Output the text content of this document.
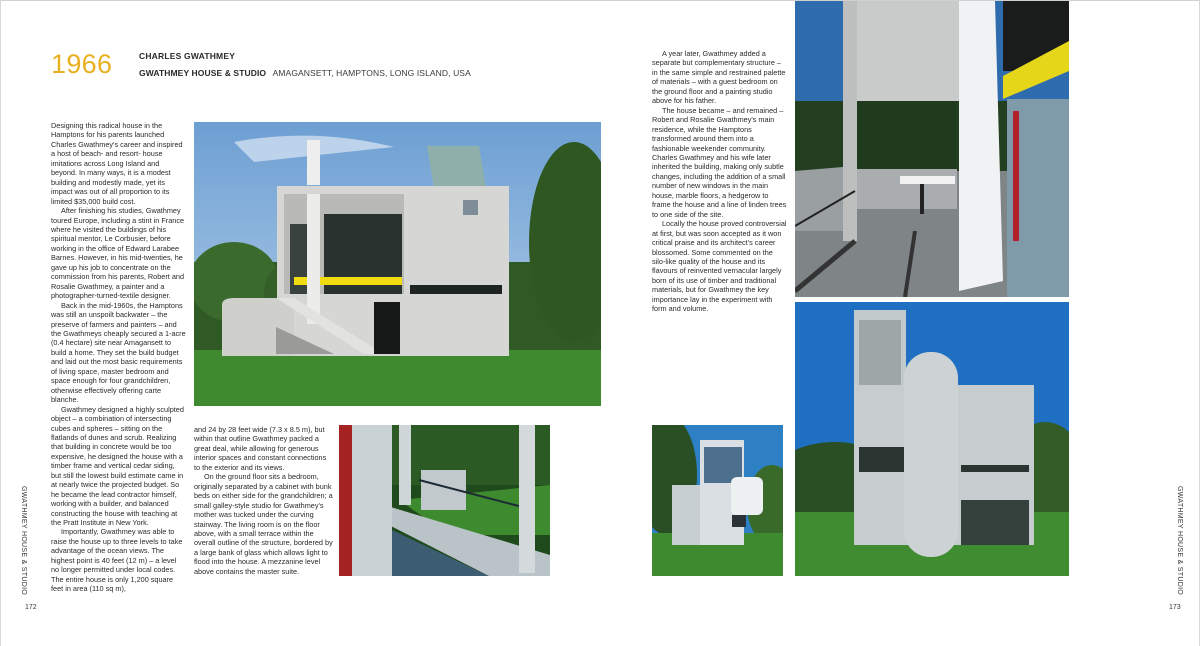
1966	CHARLES GWATHMEY
GWATHMEY HOUSE & STUDIO AMAGANSETT, HAMPTONS, LONG ISLAND, USA

Designing this radical house in the Hamptons for his parents launched Charles Gwathmey's career and inspired a host of beach- and resort- house imitations across Long Island and beyond. In many ways, it is a modest building and modestly made, yet its impact was out of all proportion to its limited $35,000 build cost.

After finishing his studies, Gwathmey toured Europe, including a stint in France where he visited the buildings of his spiritual mentor, Le Corbusier, before working in the office of Edward Larabee Barnes. However, in his mid-twenties, he gave up his job to concentrate on the commission from his parents, Robert and Rosalie Gwathmey, a painter and a photographer-turned-textile designer.

Back in the mid-1960s, the Hamptons was still an unspoilt backwater – the preserve of farmers and painters – and the Gwathmeys cheaply secured a 1-acre (0.4 hectare) site near Amagansett to build a home. They set the build budget and laid out the most basic requirements of living space, master bedroom and space enough for four grandchildren, otherwise effectively offering carte blanche.

Gwathmey designed a highly sculpted object – a combination of intersecting cubes and spheres – sitting on the flatlands of dunes and scrub. Realizing that building in concrete would be too expensive, he designed the house with a timber frame and vertical cedar siding, but still the lowest build estimate came in at nearly twice the projected budget. So he became the lead contractor himself, working with a builder, and balanced constructing the house with teaching at the Pratt Institute in New York.

Importantly, Gwathmey was able to raise the house up to three levels to take advantage of the ocean views. The highest point is 40 feet (12 m) – a level no longer permitted under local codes. The entire house is only 1,200 square feet in area (110 sq m),

and 24 by 28 feet wide (7.3 x 8.5 m), but within that outline Gwathmey packed a great deal, while allowing for generous interior spaces and constant connections to the exterior and its views.

On the ground floor sits a bedroom, originally separated by a cabinet with bunk beds on either side for the grandchildren; a small galley-style studio for Gwathmey's mother was tucked under the curving stairway. The living room is on the floor above, with a small terrace within the overall outline of the structure, bordered by a large bank of glass which allows light to flood into the house. A mezzanine level above contains the master suite.

A year later, Gwathmey added a separate but complementary structure – in the same simple and restrained palette of materials – with a guest bedroom on the ground floor and a painting studio above for his father.

The house became – and remained – Robert and Rosalie Gwathmey's main residence, while the Hamptons transformed around them into a fashionable weekender community. Charles Gwathmey and his wife later inherited the building, making only subtle changes, including the addition of a small number of new windows in the main house, marble floors, a hedgerow to frame the house and a line of linden trees to one side of the site.

Locally the house proved controversial at first, but was soon accepted as it won critical praise and its architect's career blossomed. Some commented on the silo-like quality of the house and its flavours of reinvented vernacular largely born of its use of timber and traditional materials, but for Gwathmey the key importance lay in the experiment with form and volume.

GWATHMEY HOUSE & STUDIO	GWATHMEY HOUSE & STUDIO
172	173
